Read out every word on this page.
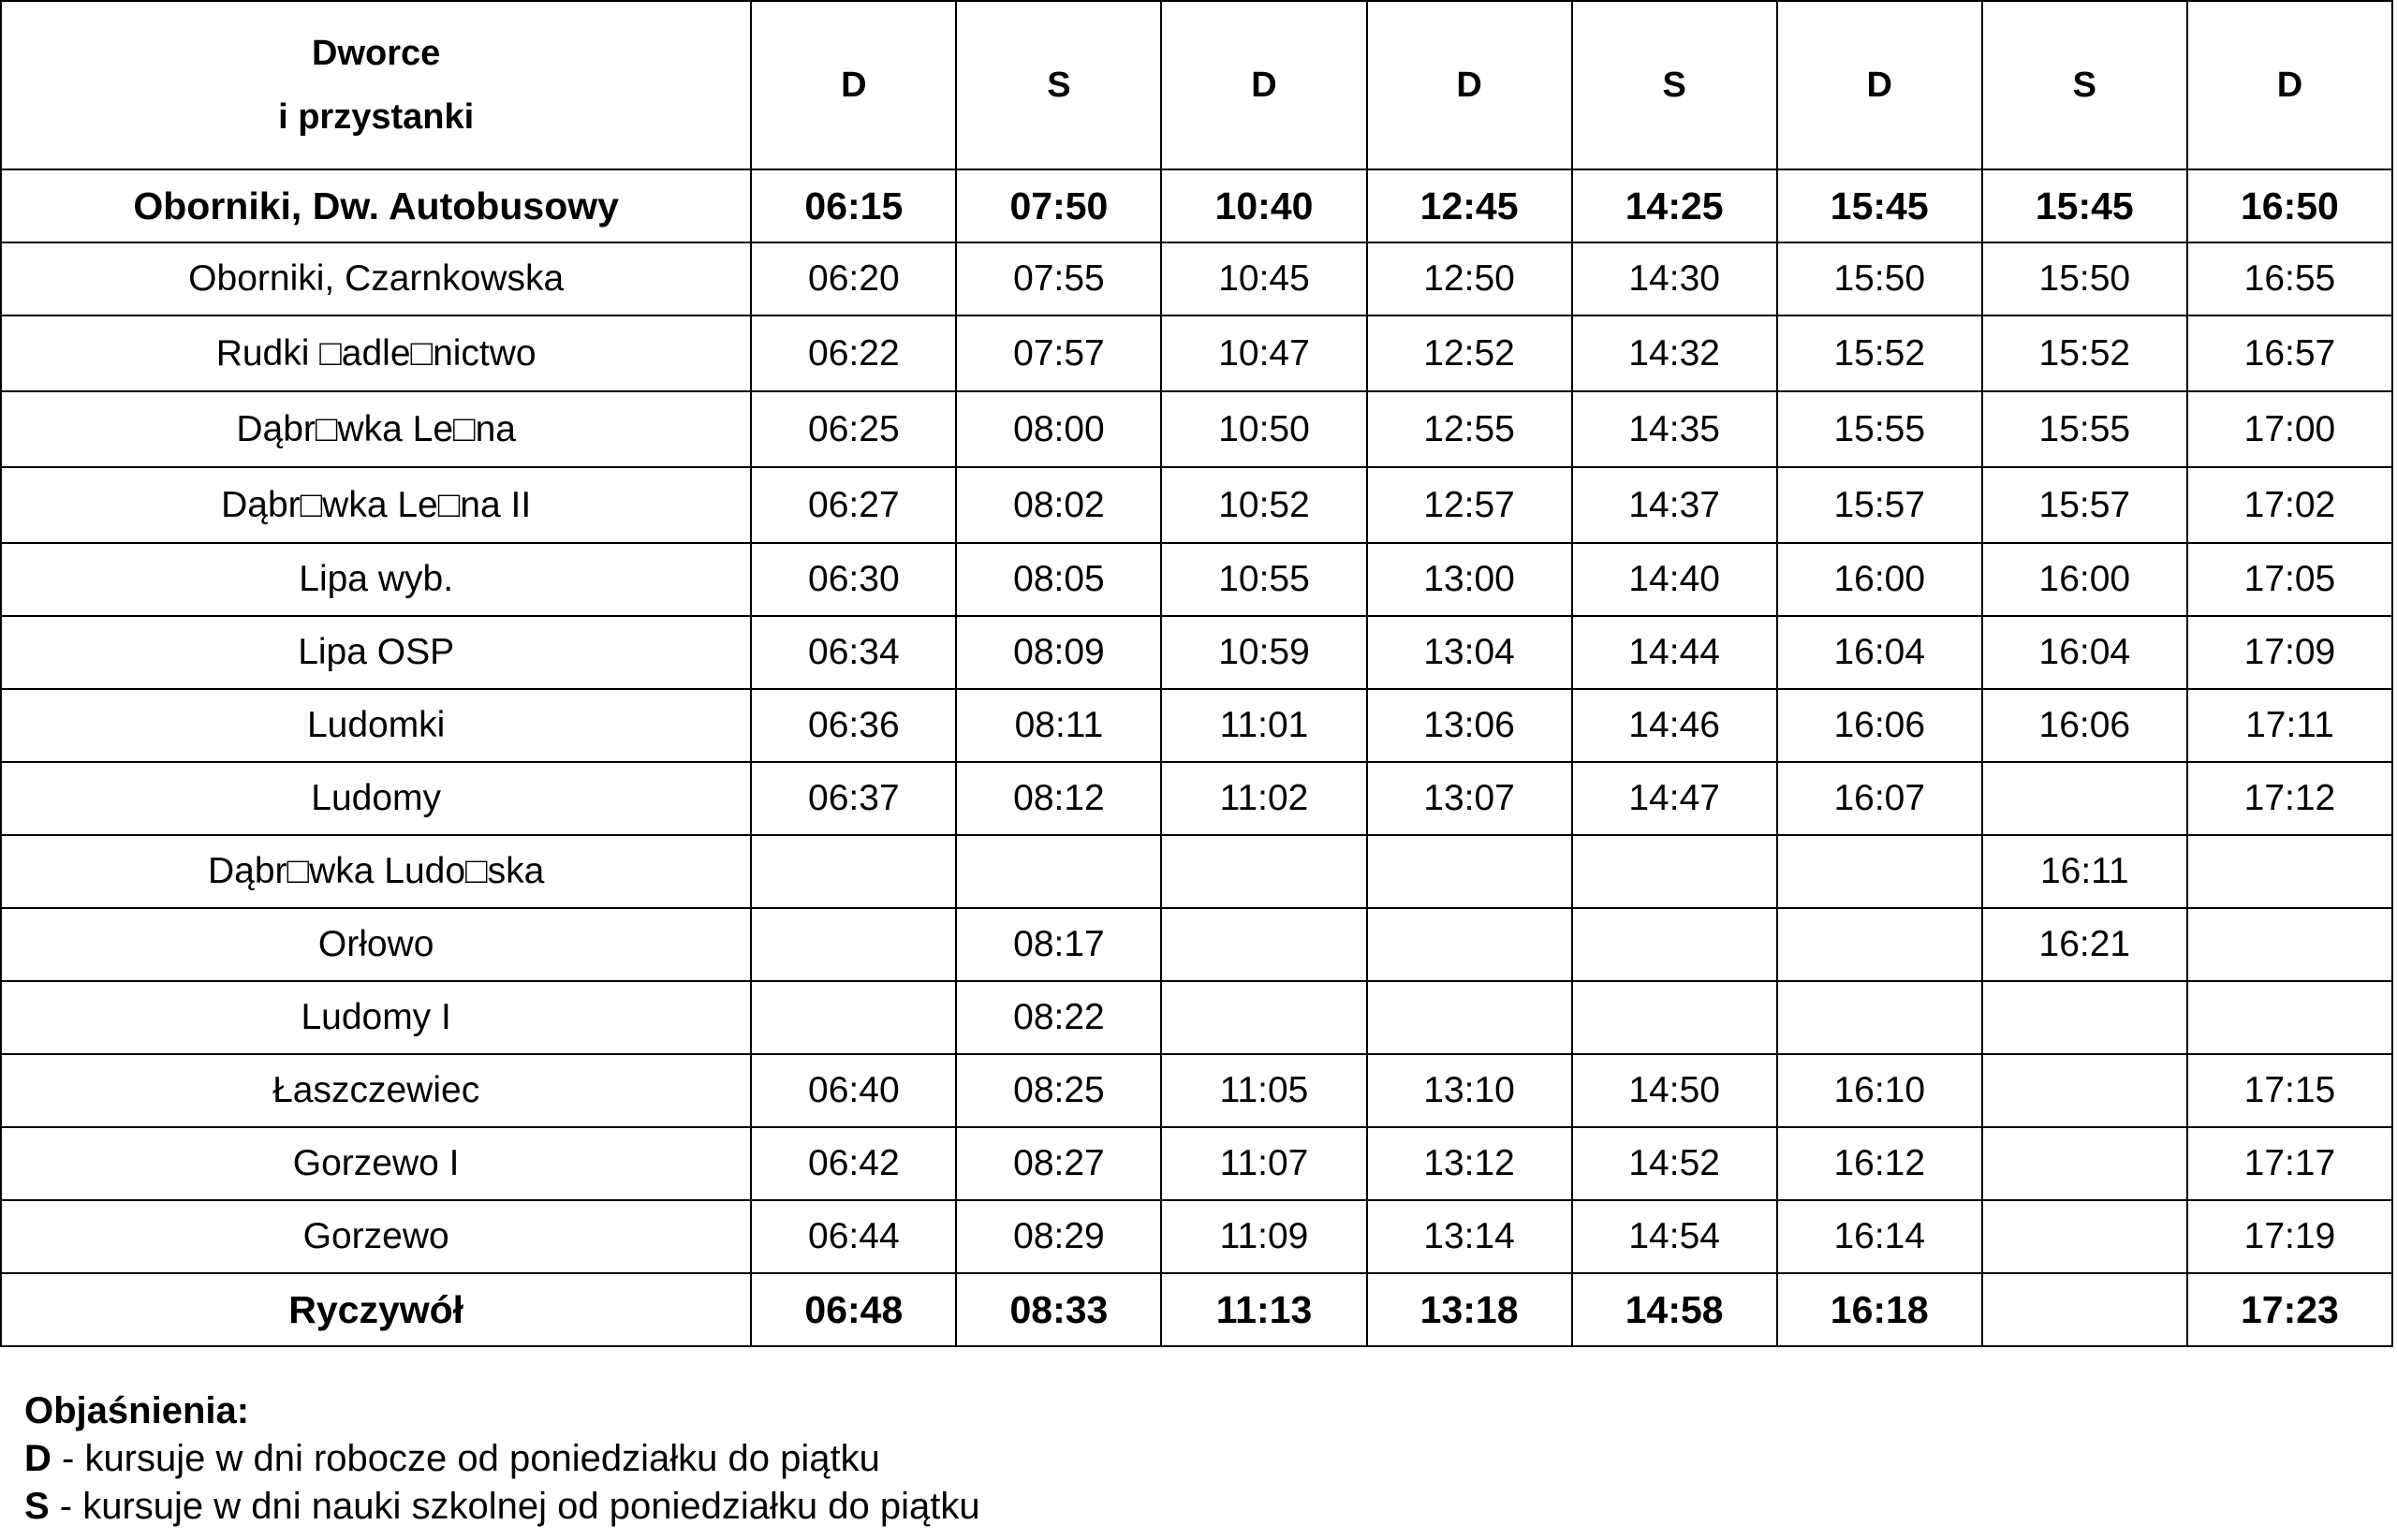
Dworce
i przystanki	D	S	D	D	S	D	S	D
Oborniki, Dw. Autobusowy	06:15	07:50	10:40	12:45	14:25	15:45	15:45	16:50
Oborniki, Czarnkowska	06:20	07:55	10:45	12:50	14:30	15:50	15:50	16:55
Rudki □adle□nictwo	06:22	07:57	10:47	12:52	14:32	15:52	15:52	16:57
Dąbr□wka Le□na	06:25	08:00	10:50	12:55	14:35	15:55	15:55	17:00
Dąbr□wka Le□na II	06:27	08:02	10:52	12:57	14:37	15:57	15:57	17:02
Lipa wyb.	06:30	08:05	10:55	13:00	14:40	16:00	16:00	17:05
Lipa OSP	06:34	08:09	10:59	13:04	14:44	16:04	16:04	17:09
Ludomki	06:36	08:11	11:01	13:06	14:46	16:06	16:06	17:11
Ludomy	06:37	08:12	11:02	13:07	14:47	16:07		17:12
Dąbr□wka Ludo□ska							16:11	
Orłowo		08:17					16:21	
Ludomy I		08:22						
Łaszczewiec	06:40	08:25	11:05	13:10	14:50	16:10		17:15
Gorzewo I	06:42	08:27	11:07	13:12	14:52	16:12		17:17
Gorzewo	06:44	08:29	11:09	13:14	14:54	16:14		17:19
Ryczywół	06:48	08:33	11:13	13:18	14:58	16:18		17:23
Objaśnienia:
D - kursuje w dni robocze od poniedziałku do piątku
S - kursuje w dni nauki szkolnej od poniedziałku do piątku
